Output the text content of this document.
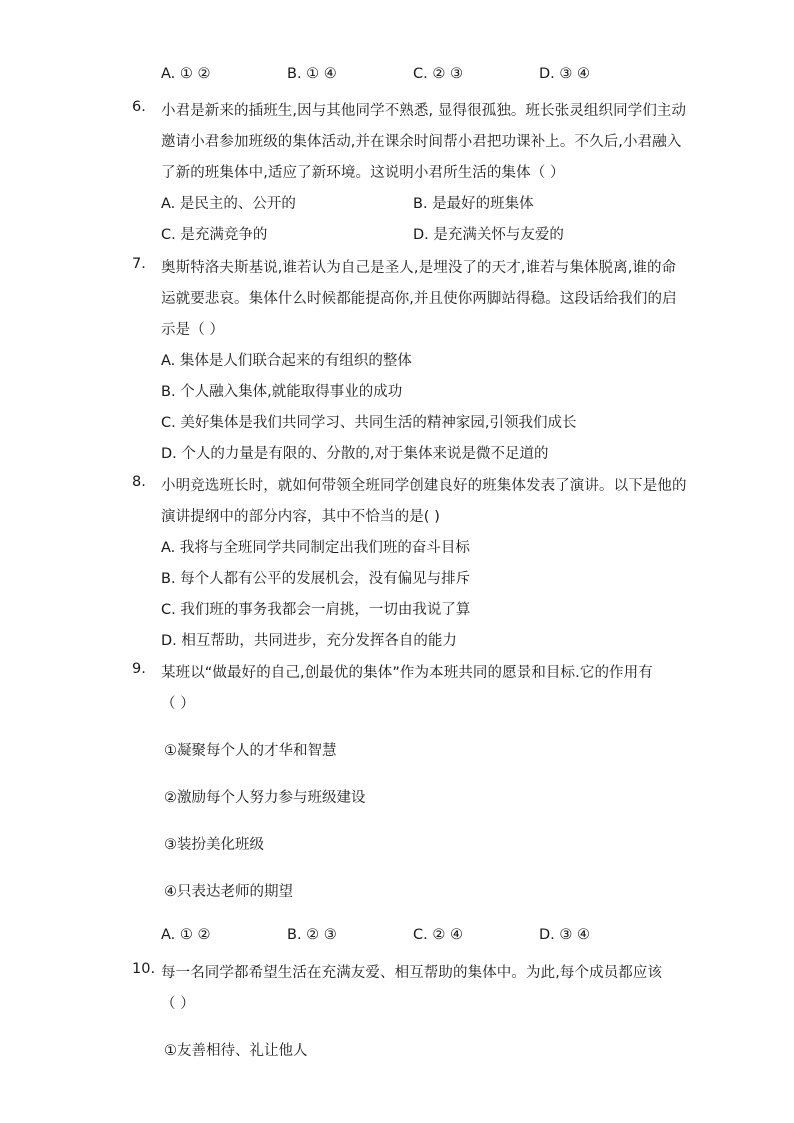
A. ① ②	B. ① ④	C. ② ③	D. ③ ④
6. 小君是新来的插班生,因与其他同学不熟悉, 显得很孤独。班长张灵组织同学们主动
邀请小君参加班级的集体活动,并在课余时间帮小君把功课补上。不久后,小君融入
了新的班集体中,适应了新环境。这说明小君所生活的集体（ ）
A. 是民主的、公开的	B. 是最好的班集体
C. 是充满竞争的	D. 是充满关怀与友爱的
7. 奥斯特洛夫斯基说,谁若认为自己是圣人,是埋没了的天才,谁若与集体脱离,谁的命
运就要悲哀。集体什么时候都能提高你,并且使你两脚站得稳。这段话给我们的启
示是（ ）
A. 集体是人们联合起来的有组织的整体
B. 个人融入集体,就能取得事业的成功
C. 美好集体是我们共同学习、共同生活的精神家园,引领我们成长
D. 个人的力量是有限的、分散的,对于集体来说是微不足道的
8. 小明竞选班长时，就如何带领全班同学创建良好的班集体发表了演讲。以下是他的
演讲提纲中的部分内容，其中不恰当的是( )
A. 我将与全班同学共同制定出我们班的奋斗目标
B. 每个人都有公平的发展机会，没有偏见与排斥
C. 我们班的事务我都会一肩挑，一切由我说了算
D. 相互帮助，共同进步，充分发挥各自的能力
9. 某班以“做最好的自己,创最优的集体”作为本班共同的愿景和目标.它的作用有
（ ）
①凝聚每个人的才华和智慧
②激励每个人努力参与班级建设
③装扮美化班级
④只表达老师的期望
A. ① ②	B. ② ③	C. ② ④	D. ③ ④
10. 每一名同学都希望生活在充满友爱、相互帮助的集体中。为此,每个成员都应该
（ ）
①友善相待、礼让他人
